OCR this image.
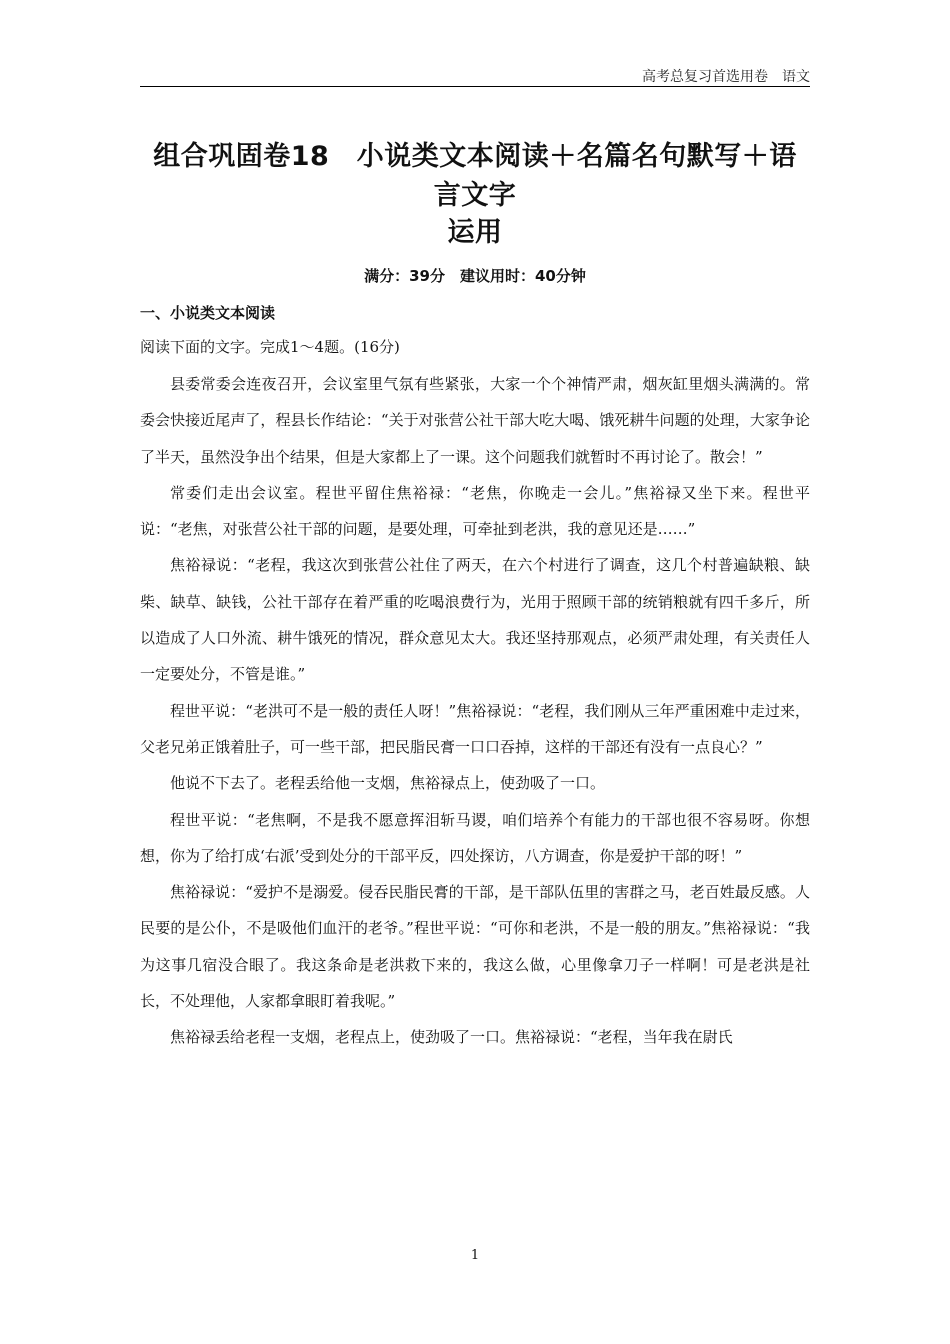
高考总复习首选用卷　语文
组合巩固卷18　小说类文本阅读＋名篇名句默写＋语言文字
运用
满分：39分　建议用时：40分钟
一、小说类文本阅读
阅读下面的文字。完成1～4题。(16分)

县委常委会连夜召开，会议室里气氛有些紧张，大家一个个神情严肃，烟灰缸里烟头满满的。常委会快接近尾声了，程县长作结论：“关于对张营公社干部大吃大喝、饿死耕牛问题的处理，大家争论了半天，虽然没争出个结果，但是大家都上了一课。这个问题我们就暂时不再讨论了。散会！”

常委们走出会议室。程世平留住焦裕禄：“老焦，你晚走一会儿。”焦裕禄又坐下来。程世平说：“老焦，对张营公社干部的问题，是要处理，可牵扯到老洪，我的意见还是……”

焦裕禄说：“老程，我这次到张营公社住了两天，在六个村进行了调查，这几个村普遍缺粮、缺柴、缺草、缺钱，公社干部存在着严重的吃喝浪费行为，光用于照顾干部的统销粮就有四千多斤，所以造成了人口外流、耕牛饿死的情况，群众意见太大。我还坚持那观点，必须严肃处理，有关责任人一定要处分，不管是谁。”

程世平说：“老洪可不是一般的责任人呀！”焦裕禄说：“老程，我们刚从三年严重困难中走过来，父老兄弟正饿着肚子，可一些干部，把民脂民膏一口口吞掉，这样的干部还有没有一点良心？”

他说不下去了。老程丢给他一支烟，焦裕禄点上，使劲吸了一口。

程世平说：“老焦啊，不是我不愿意挥泪斩马谡，咱们培养个有能力的干部也很不容易呀。你想想，你为了给打成‘右派’受到处分的干部平反，四处探访，八方调查，你是爱护干部的呀！”

焦裕禄说：“爱护不是溺爱。侵吞民脂民膏的干部，是干部队伍里的害群之马，老百姓最反感。人民要的是公仆，不是吸他们血汗的老爷。”程世平说：“可你和老洪，不是一般的朋友。”焦裕禄说：“我为这事几宿没合眼了。我这条命是老洪救下来的，我这么做，心里像拿刀子一样啊！可是老洪是社长，不处理他，人家都拿眼盯着我呢。”

焦裕禄丢给老程一支烟，老程点上，使劲吸了一口。焦裕禄说：“老程，当年我在尉氏

1
